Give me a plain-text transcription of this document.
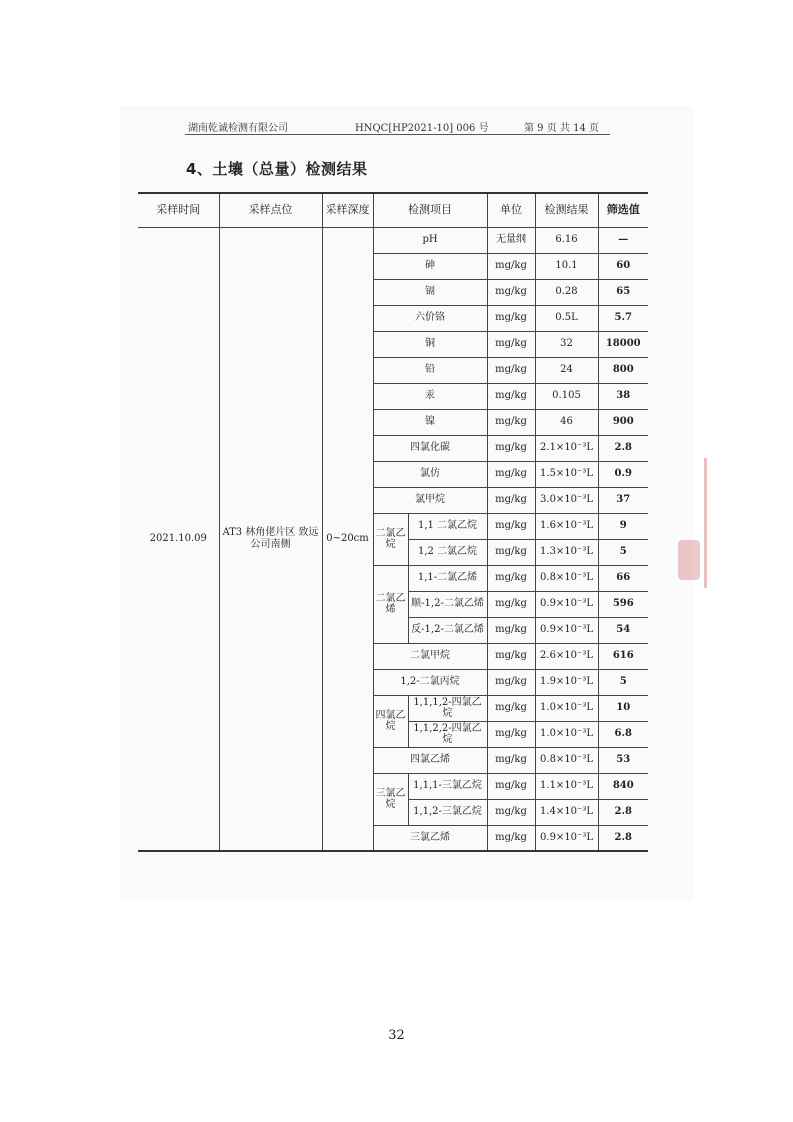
湖南乾诚检测有限公司	HNQC[HP2021-10] 006 号	第 9 页 共 14 页
4、土壤（总量）检测结果
采样时间	采样点位	采样深度	检测项目		单位	检测结果	筛选值
2021.10.09	AT3 林角佬片区 致远公司南侧	0~20cm	pH		无量纲	6.16	—
			砷		mg/kg	10.1	60
			镉		mg/kg	0.28	65
			六价铬		mg/kg	0.5L	5.7
			铜		mg/kg	32	18000
			铅		mg/kg	24	800
			汞		mg/kg	0.105	38
			镍		mg/kg	46	900
			四氯化碳		mg/kg	2.1×10⁻³L	2.8
			氯仿		mg/kg	1.5×10⁻³L	0.9
			氯甲烷		mg/kg	3.0×10⁻³L	37
			二氯乙烷	1,1 二氯乙烷	mg/kg	1.6×10⁻³L	9
				1,2 二氯乙烷	mg/kg	1.3×10⁻³L	5
			二氯乙烯	1,1-二氯乙烯	mg/kg	0.8×10⁻³L	66
				顺-1,2-二氯乙烯	mg/kg	0.9×10⁻³L	596
				反-1,2-二氯乙烯	mg/kg	0.9×10⁻³L	54
			二氯甲烷		mg/kg	2.6×10⁻³L	616
			1,2-二氯丙烷		mg/kg	1.9×10⁻³L	5
			四氯乙烷	1,1,1,2-四氯乙烷	mg/kg	1.0×10⁻³L	10
				1,1,2,2-四氯乙烷	mg/kg	1.0×10⁻³L	6.8
			四氯乙烯		mg/kg	0.8×10⁻³L	53
			三氯乙烷	1,1,1-三氯乙烷	mg/kg	1.1×10⁻³L	840
				1,1,2-三氯乙烷	mg/kg	1.4×10⁻³L	2.8
			三氯乙烯		mg/kg	0.9×10⁻³L	2.8
32
